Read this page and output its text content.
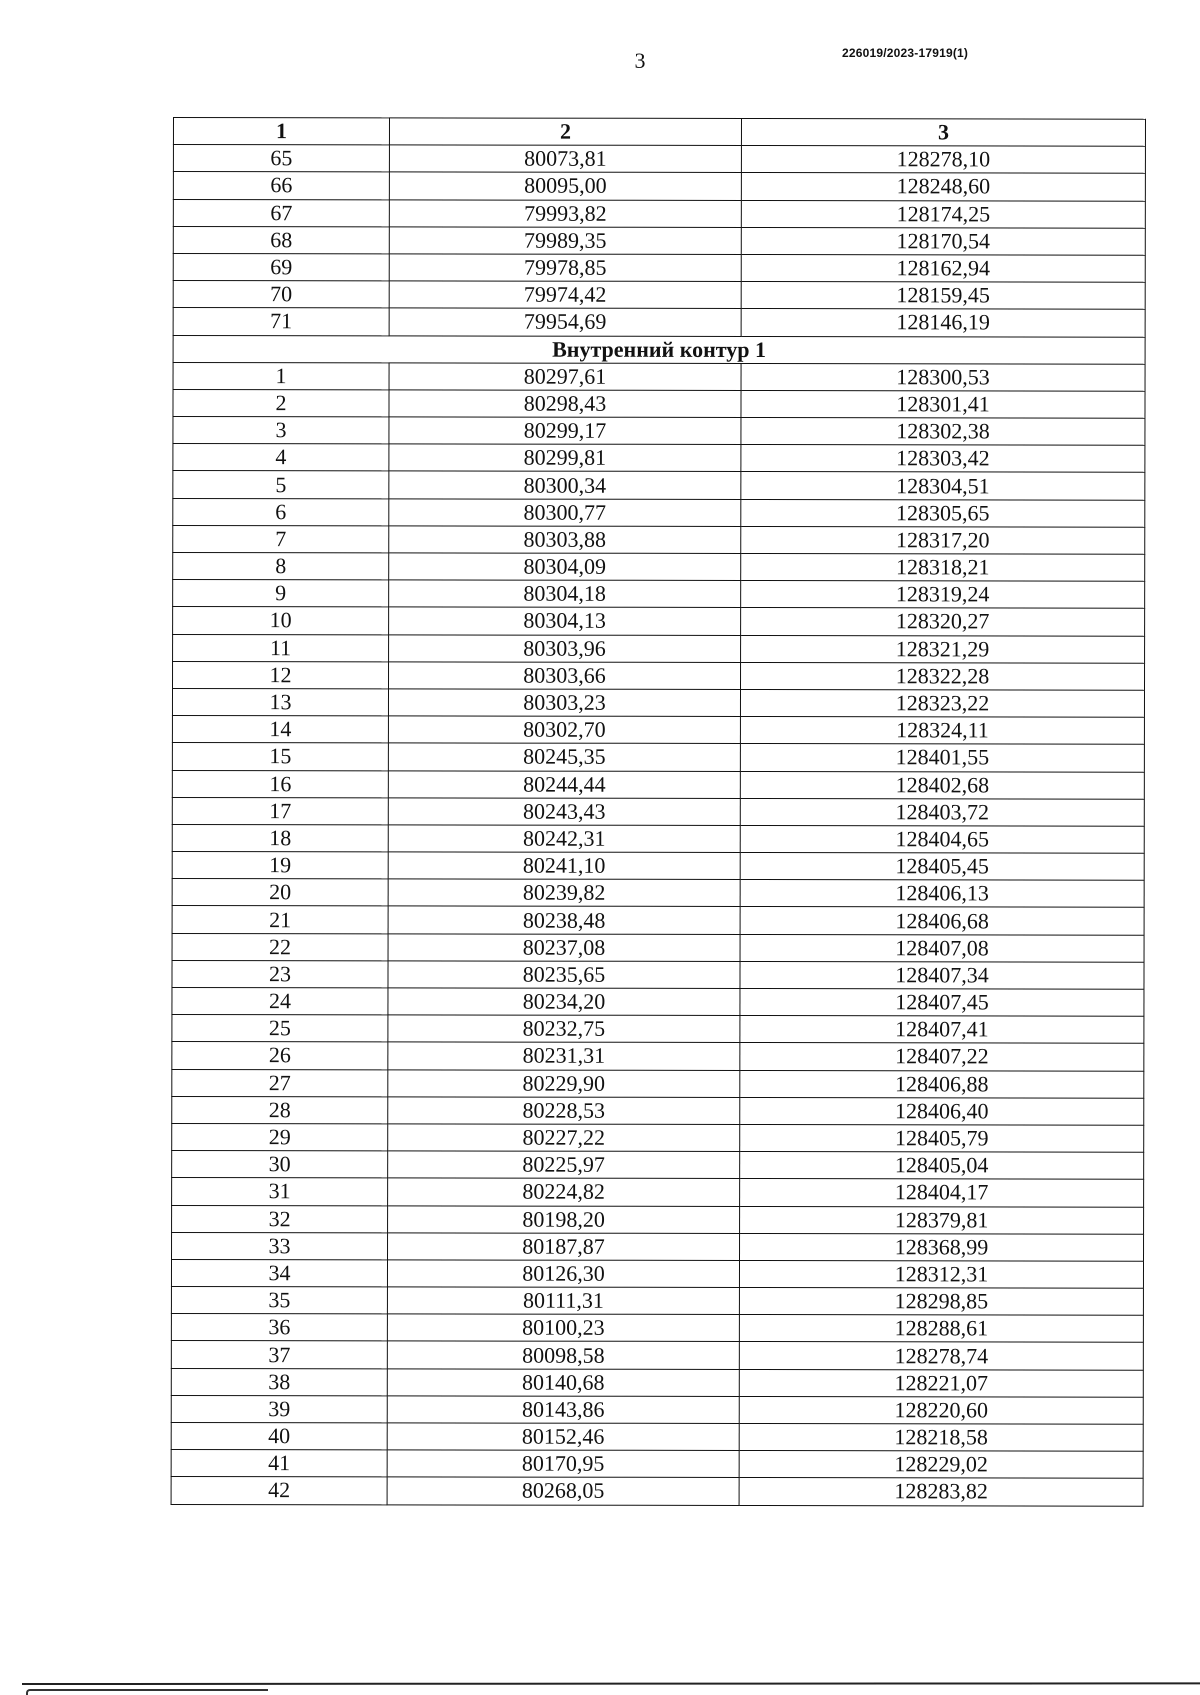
3	226019/2023-17919(1)
1	2	3
65	80073,81	128278,10
66	80095,00	128248,60
67	79993,82	128174,25
68	79989,35	128170,54
69	79978,85	128162,94
70	79974,42	128159,45
71	79954,69	128146,19
Внутренний контур 1		
1	80297,61	128300,53
2	80298,43	128301,41
3	80299,17	128302,38
4	80299,81	128303,42
5	80300,34	128304,51
6	80300,77	128305,65
7	80303,88	128317,20
8	80304,09	128318,21
9	80304,18	128319,24
10	80304,13	128320,27
11	80303,96	128321,29
12	80303,66	128322,28
13	80303,23	128323,22
14	80302,70	128324,11
15	80245,35	128401,55
16	80244,44	128402,68
17	80243,43	128403,72
18	80242,31	128404,65
19	80241,10	128405,45
20	80239,82	128406,13
21	80238,48	128406,68
22	80237,08	128407,08
23	80235,65	128407,34
24	80234,20	128407,45
25	80232,75	128407,41
26	80231,31	128407,22
27	80229,90	128406,88
28	80228,53	128406,40
29	80227,22	128405,79
30	80225,97	128405,04
31	80224,82	128404,17
32	80198,20	128379,81
33	80187,87	128368,99
34	80126,30	128312,31
35	80111,31	128298,85
36	80100,23	128288,61
37	80098,58	128278,74
38	80140,68	128221,07
39	80143,86	128220,60
40	80152,46	128218,58
41	80170,95	128229,02
42	80268,05	128283,82
